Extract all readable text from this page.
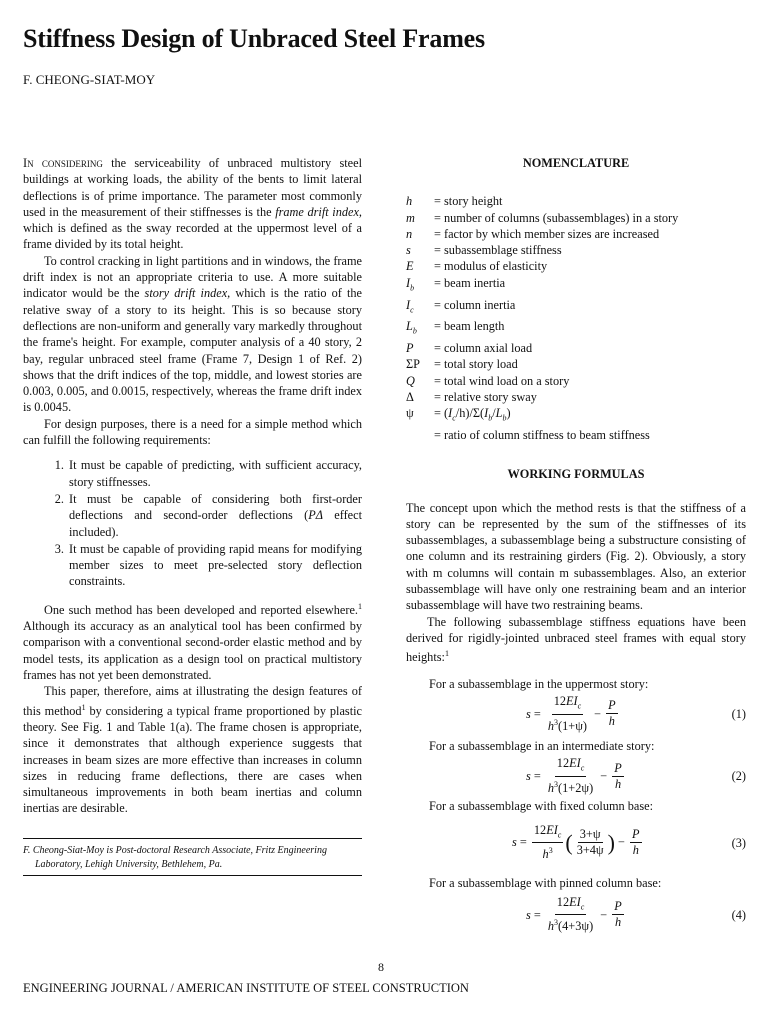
Stiffness Design of Unbraced Steel Frames
F. CHEONG-SIAT-MOY

In considering the serviceability of unbraced multistory steel buildings at working loads, the ability of the bents to limit lateral deflections is of prime importance. The parameter most commonly used in the measurement of their stiffnesses is the frame drift index, which is defined as the sway recorded at the uppermost level of a frame divided by its total height.

To control cracking in light partitions and in windows, the frame drift index is not an appropriate criteria to use. A more suitable indicator would be the story drift index, which is the ratio of the relative sway of a story to its height. This is so because story deflections are non-uniform and generally vary markedly throughout the frame's height. For example, computer analysis of a 40 story, 2 bay, regular unbraced steel frame (Frame 7, Design 1 of Ref. 2) shows that the drift indices of the top, middle, and lowest stories are 0.003, 0.005, and 0.0015, respectively, whereas the frame drift index is 0.0045.

For design purposes, there is a need for a simple method which can fulfill the following requirements:

1. It must be capable of predicting, with sufficient accuracy, story stiffnesses.
2. It must be capable of considering both first-order deflections and second-order deflections (PΔ effect included).
3. It must be capable of providing rapid means for modifying member sizes to meet pre-selected story deflection constraints.

One such method has been developed and reported elsewhere.$^1$ Although its accuracy as an analytical tool has been confirmed by comparison with a conventional second-order elastic method and by model tests, its application as a design tool on practical multistory frames has not yet been demonstrated.

This paper, therefore, aims at illustrating the design features of this method$^1$ by considering a typical frame proportioned by plastic theory. See Fig. 1 and Table 1(a). The frame chosen is appropriate, since it demonstrates that although experience suggests that increases in beam sizes are more effective than increases in column sizes in reducing frame deflections, there are cases when simultaneous improvements in both beam inertias and column inertias are desirable.

F. Cheong-Siat-Moy is Post-doctoral Research Associate, Fritz Engineering Laboratory, Lehigh University, Bethlehem, Pa.
NOMENCLATURE
h	= story height
m	= number of columns (subassemblages) in a story
n	= factor by which member sizes are increased
s	= subassemblage stiffness
E	= modulus of elasticity
$I_b$	= beam inertia
$I_c$	= column inertia
$L_b$	= beam length
P	= column axial load
ΣP	= total story load
Q	= total wind load on a story
Δ	= relative story sway
ψ	= $(I_c/h)/\Sigma(I_b/L_b)$
	= ratio of column stiffness to beam stiffness
WORKING FORMULAS

The concept upon which the method rests is that the stiffness of a story can be represented by the sum of the stiffnesses of its subassemblages, a subassemblage being a substructure consisting of one column and its restraining girders (Fig. 2). Obviously, a story with m columns will contain m subassemblages. Also, an exterior subassemblage will have only one restraining beam and an interior subassemblage will have two restraining beams.

The following subassemblage stiffness equations have been derived for rigidly-jointed unbraced steel frames with equal story heights:$^1$

For a subassemblage in the uppermost story:
$s = \frac{12EI_c}{h^3(1+\psi)} - \frac{P}{h}$	(1)
For a subassemblage in an intermediate story:
$s = \frac{12EI_c}{h^3(1+2\psi)} - \frac{P}{h}$	(2)
For a subassemblage with fixed column base:
$s = \frac{12EI_c}{h^3}$ ( $\frac{3+\psi}{3+4\psi}$ ) − $\frac{P}{h}$	(3)
For a subassemblage with pinned column base:
$s = \frac{12EI_c}{h^3(4+3\psi)} - \frac{P}{h}$	(4)
8
ENGINEERING JOURNAL / AMERICAN INSTITUTE OF STEEL CONSTRUCTION
